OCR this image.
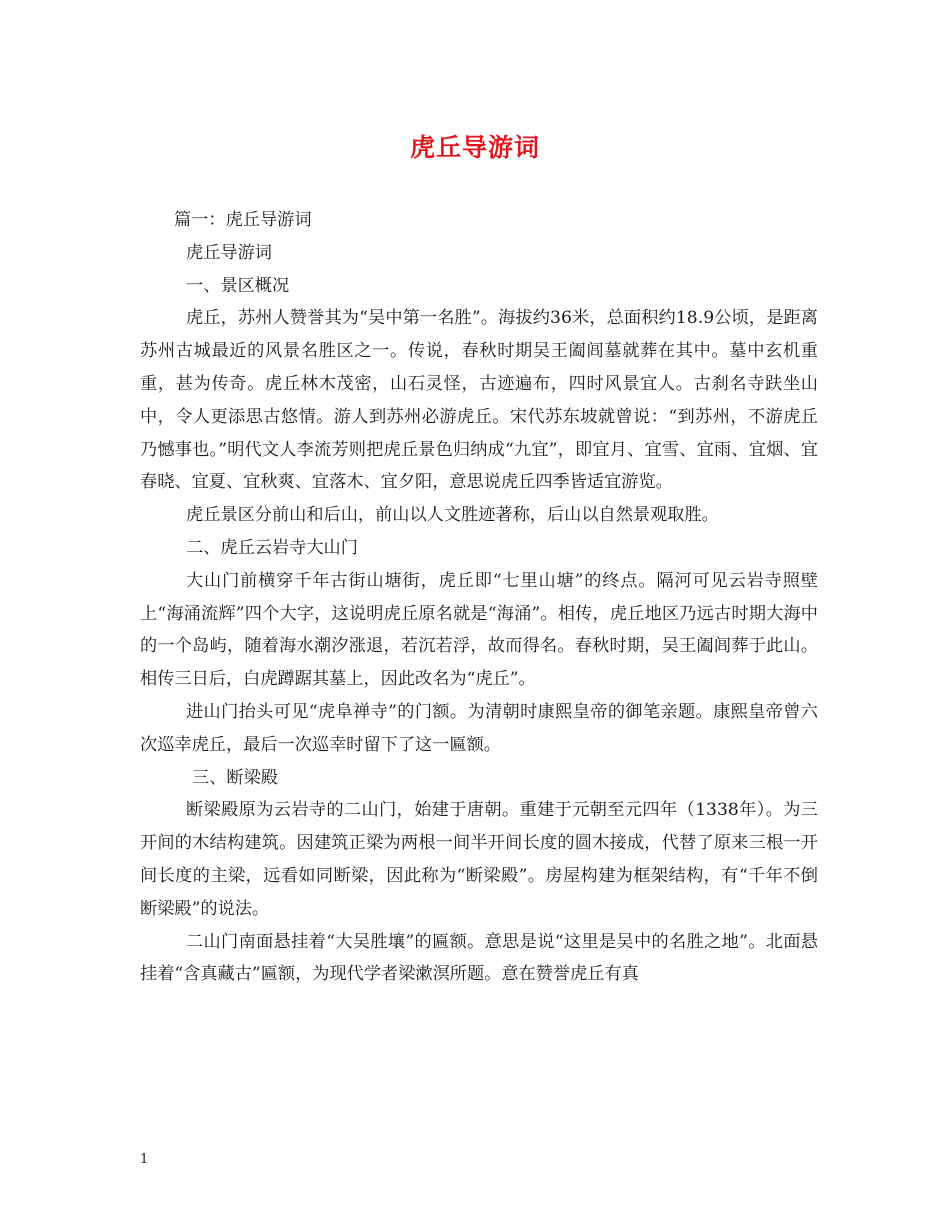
虎丘导游词

篇一：虎丘导游词

虎丘导游词

一、景区概况

虎丘，苏州人赞誉其为“吴中第一名胜”。海拔约36米，总面积约18.9公顷，是距离苏州古城最近的风景名胜区之一。传说，春秋时期吴王阖闾墓就葬在其中。墓中玄机重重，甚为传奇。虎丘林木茂密，山石灵怪，古迹遍布，四时风景宜人。古刹名寺趺坐山中，令人更添思古悠情。游人到苏州必游虎丘。宋代苏东坡就曾说：“到苏州，不游虎丘乃憾事也。”明代文人李流芳则把虎丘景色归纳成“九宜”，即宜月、宜雪、宜雨、宜烟、宜春晓、宜夏、宜秋爽、宜落木、宜夕阳，意思说虎丘四季皆适宜游览。

虎丘景区分前山和后山，前山以人文胜迹著称，后山以自然景观取胜。

二、虎丘云岩寺大山门

大山门前横穿千年古街山塘街，虎丘即“七里山塘”的终点。隔河可见云岩寺照壁上“海涌流辉”四个大字，这说明虎丘原名就是“海涌”。相传，虎丘地区乃远古时期大海中的一个岛屿，随着海水潮汐涨退，若沉若浮，故而得名。春秋时期，吴王阖闾葬于此山。相传三日后，白虎蹲踞其墓上，因此改名为“虎丘”。

进山门抬头可见“虎阜禅寺”的门额。为清朝时康熙皇帝的御笔亲题。康熙皇帝曾六次巡幸虎丘，最后一次巡幸时留下了这一匾额。

三、断梁殿

断梁殿原为云岩寺的二山门，始建于唐朝。重建于元朝至元四年（1338年）。为三开间的木结构建筑。因建筑正梁为两根一间半开间长度的圆木接成，代替了原来三根一开间长度的主梁，远看如同断梁，因此称为“断梁殿”。房屋构建为框架结构，有“千年不倒断梁殿”的说法。

二山门南面悬挂着“大吴胜壤”的匾额。意思是说“这里是吴中的名胜之地”。北面悬挂着“含真藏古”匾额，为现代学者梁漱溟所题。意在赞誉虎丘有真

1
